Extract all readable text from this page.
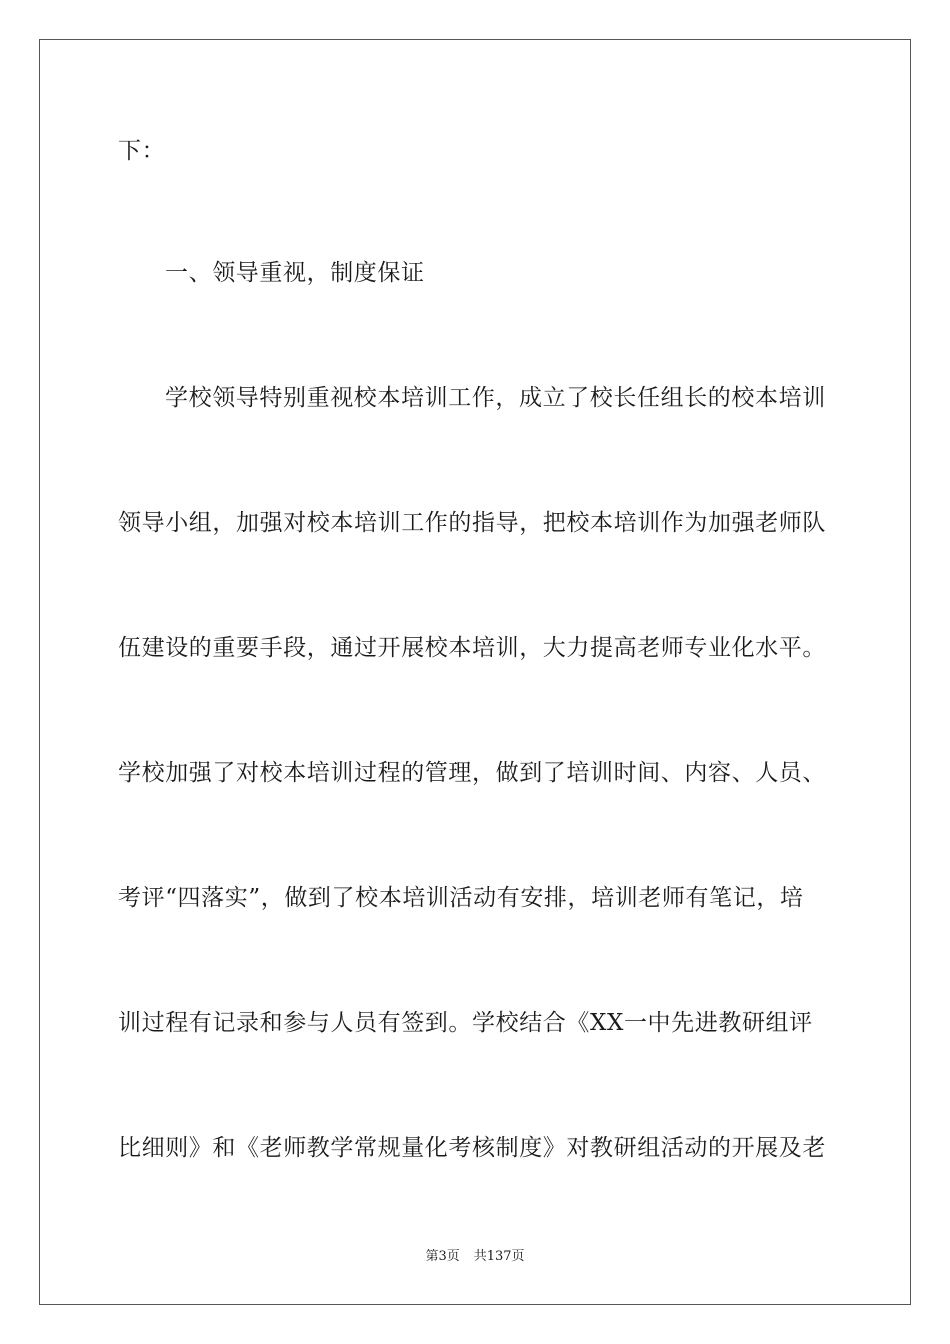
下：
一、领导重视，制度保证
学校领导特别重视校本培训工作，成立了校长任组长的校本培训
领导小组，加强对校本培训工作的指导，把校本培训作为加强老师队
伍建设的重要手段，通过开展校本培训，大力提高老师专业化水平。
学校加强了对校本培训过程的管理，做到了培训时间、内容、人员、
考评“四落实”，做到了校本培训活动有安排，培训老师有笔记，培
训过程有记录和参与人员有签到。学校结合《XX一中先进教研组评
比细则》和《老师教学常规量化考核制度》对教研组活动的开展及老
第3页 共137页
